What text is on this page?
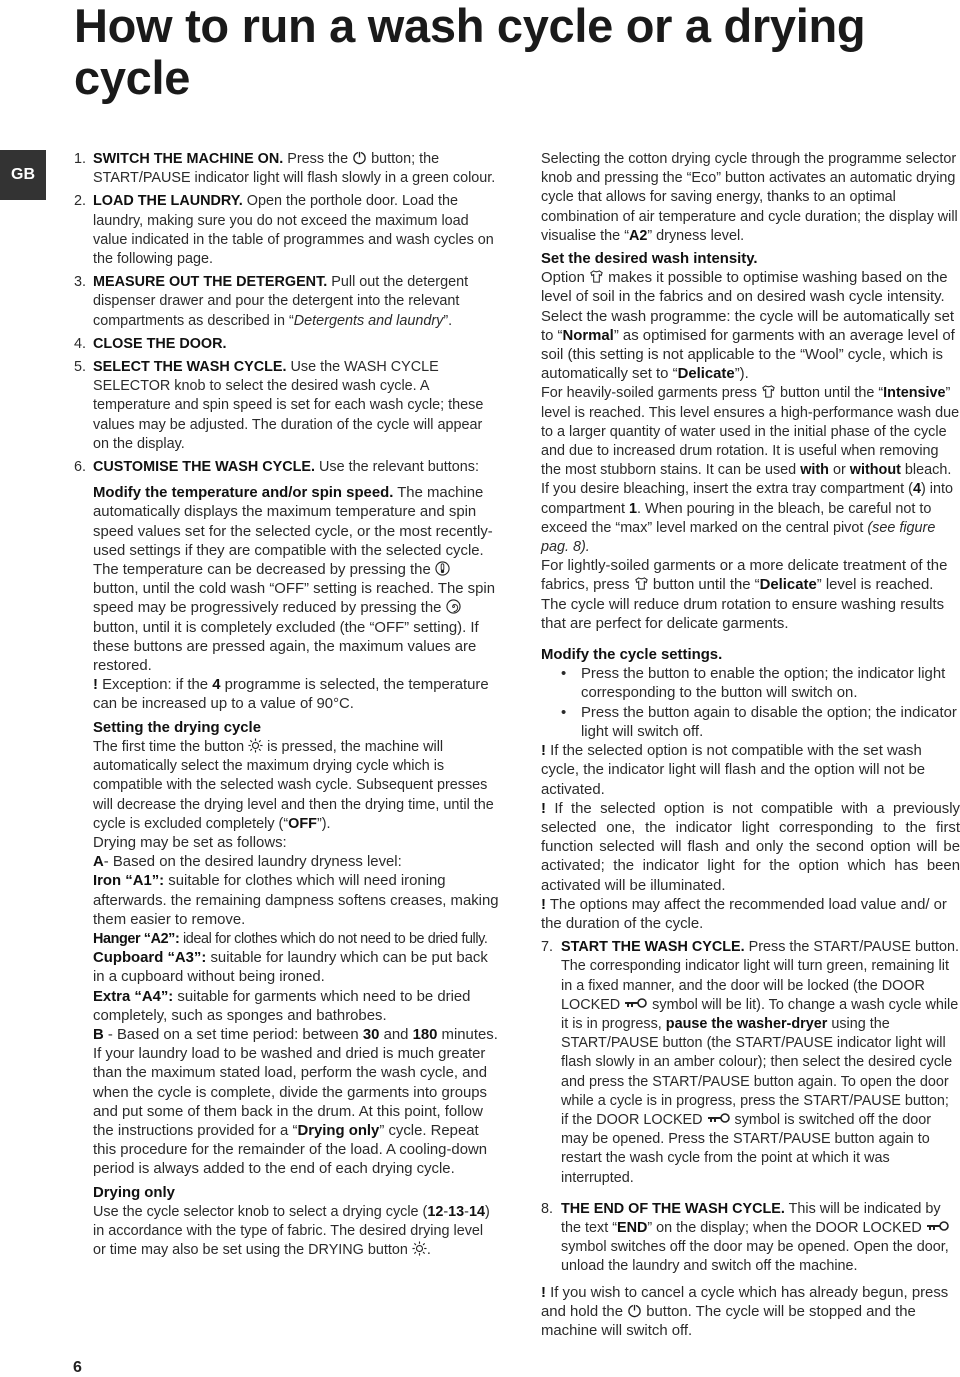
How to run a wash cycle or a drying cycle
GB

1. SWITCH THE MACHINE ON. Press the  button; the START/PAUSE indicator light will flash slowly in a green colour.

2. LOAD THE LAUNDRY. Open the porthole door. Load the laundry, making sure you do not exceed the maximum load value indicated in the table of programmes and wash cycles on the following page.

3. MEASURE OUT THE DETERGENT. Pull out the detergent dispenser drawer and pour the detergent into the relevant compartments as described in “Detergents and laundry”.

4. CLOSE THE DOOR.

5. SELECT THE WASH CYCLE. Use the WASH CYCLE SELECTOR knob to select the desired wash cycle. A temperature and spin speed is set for each wash cycle; these values may be adjusted. The duration of the cycle will appear on the display.

6. CUSTOMISE THE WASH CYCLE. Use the relevant buttons:

Modify the temperature and/or spin speed. The machine automatically displays the maximum temperature and spin speed values set for the selected cycle, or the most recently-used settings if they are compatible with the selected cycle. The temperature can be decreased by pressing the  button, until the cold wash “OFF” setting is reached. The spin speed may be progressively reduced by pressing the  button, until it is completely excluded (the “OFF” setting). If these buttons are pressed again, the maximum values are restored.

! Exception: if the 4 programme is selected, the temperature can be increased up to a value of 90°C.

Setting the drying cycle

The first time the button  is pressed, the machine will automatically select the maximum drying cycle which is compatible with the selected wash cycle. Subsequent presses will decrease the drying level and then the drying time, until the cycle is excluded completely (“OFF”).

Drying may be set as follows:

A- Based on the desired laundry dryness level:

Iron “A1”: suitable for clothes which will need ironing afterwards. the remaining dampness softens creases, making them easier to remove.

Hanger “A2”: ideal for clothes which do not need to be dried fully.

Cupboard “A3”: suitable for laundry which can be put back in a cupboard without being ironed.

Extra “A4”: suitable for garments which need to be dried completely, such as sponges and bathrobes.

B - Based on a set time period: between 30 and 180 minutes.

If your laundry load to be washed and dried is much greater than the maximum stated load, perform the wash cycle, and when the cycle is complete, divide the garments into groups and put some of them back in the drum. At this point, follow the instructions provided for a “Drying only” cycle. Repeat this procedure for the remainder of the load. A cooling-down period is always added to the end of each drying cycle.

Drying only

Use the cycle selector knob to select a drying cycle (12-13-14) in accordance with the type of fabric. The desired drying level or time may also be set using the DRYING button .

Selecting the cotton drying cycle through the programme selector knob and pressing the “Eco” button activates an automatic drying cycle that allows for saving energy, thanks to an optimal combination of air temperature and cycle duration; the display will visualise the “A2” dryness level.

Set the desired wash intensity.

Option  makes it possible to optimise washing based on the level of soil in the fabrics and on desired wash cycle intensity.

Select the wash programme: the cycle will be automatically set to “Normal” as optimised for garments with an average level of soil (this setting is not applicable to the “Wool” cycle, which is automatically set to “Delicate”).

For heavily-soiled garments press  button until the “Intensive” level is reached. This level ensures a high-performance wash due to a larger quantity of water used in the initial phase of the cycle and due to increased drum rotation. It is useful when removing the most stubborn stains. It can be used with or without bleach. If you desire bleaching, insert the extra tray compartment (4) into compartment 1. When pouring in the bleach, be careful not to exceed the “max” level marked on the central pivot (see figure pag. 8).

For lightly-soiled garments or a more delicate treatment of the fabrics, press  button until the “Delicate” level is reached. The cycle will reduce drum rotation to ensure washing results that are perfect for delicate garments.

Modify the cycle settings.

• Press the button to enable the option; the indicator light corresponding to the button will switch on.

• Press the button again to disable the option; the indicator light will switch off.

! If the selected option is not compatible with the set wash cycle, the indicator light will flash and the option will not be activated.

! If the selected option is not compatible with a previously selected one, the indicator light corresponding to the first function selected will flash and only the second option will be activated; the indicator light for the option which has been activated will be illuminated.

! The options may affect the recommended load value and/ or the duration of the cycle.

7. START THE WASH CYCLE. Press the START/PAUSE button. The corresponding indicator light will turn green, remaining lit in a fixed manner, and the door will be locked (the DOOR LOCKED  symbol will be lit). To change a wash cycle while it is in progress, pause the washer-dryer using the START/PAUSE button (the START/PAUSE indicator light will flash slowly in an amber colour); then select the desired cycle and press the START/PAUSE button again. To open the door while a cycle is in progress, press the START/PAUSE button; if the DOOR LOCKED  symbol is switched off the door may be opened. Press the START/PAUSE button again to restart the wash cycle from the point at which it was interrupted.

8. THE END OF THE WASH CYCLE. This will be indicated by the text “END” on the display; when the DOOR LOCKED  symbol switches off the door may be opened. Open the door, unload the laundry and switch off the machine.

! If you wish to cancel a cycle which has already begun, press and hold the  button. The cycle will be stopped and the machine will switch off.

6
